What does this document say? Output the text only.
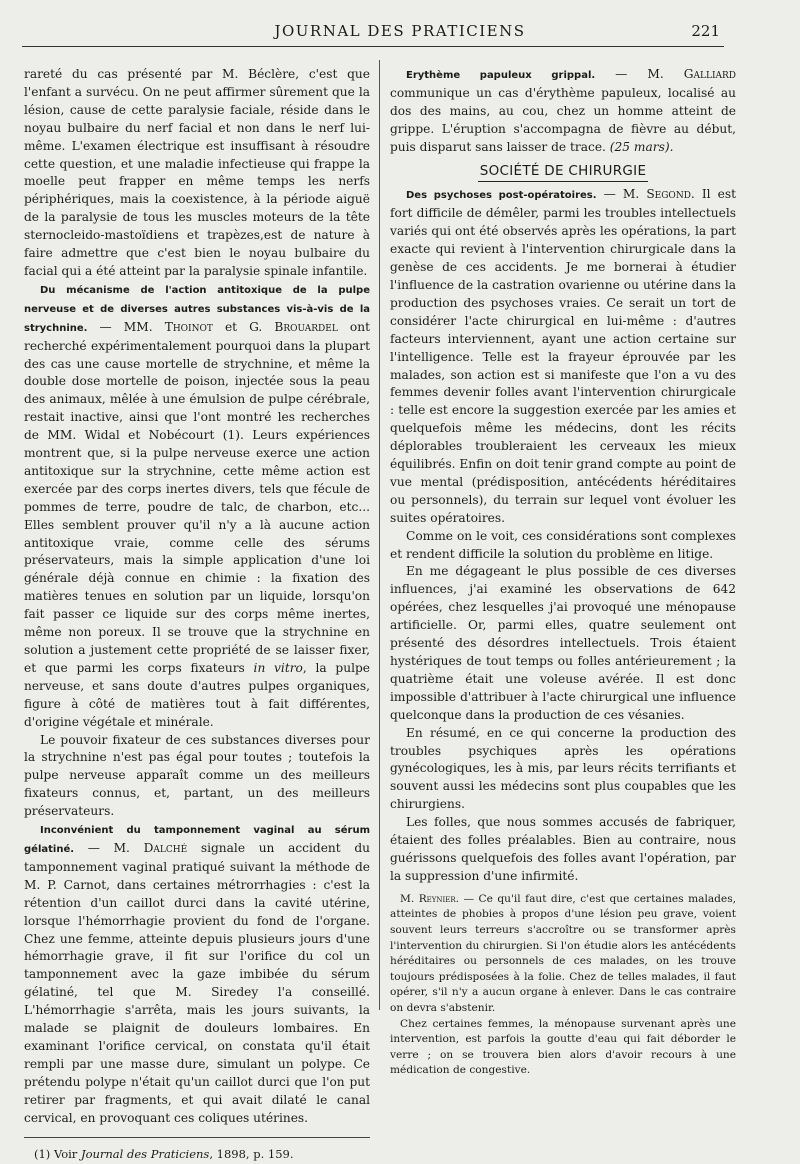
JOURNAL DES PRATICIENS	221

rareté du cas présenté par M. Béclère, c'est que l'enfant a survécu. On ne peut affirmer sûrement que la lésion, cause de cette paralysie faciale, réside dans le noyau bulbaire du nerf facial et non dans le nerf lui-même. L'examen électrique est insuffisant à résoudre cette question, et une maladie infectieuse qui frappe la moelle peut frapper en même temps les nerfs périphériques, mais la coexistence, à la période aiguë de la paralysie de tous les muscles moteurs de la tête sternocleido-mastoïdiens et trapèzes,est de nature à faire admettre que c'est bien le noyau bulbaire du facial qui a été atteint par la paralysie spinale infantile.

Du mécanisme de l'action antitoxique de la pulpe nerveuse et de diverses autres substances vis-à-vis de la strychnine. — MM. Thoinot et G. Brouardel ont recherché expérimentalement pourquoi dans la plupart des cas une cause mortelle de strychnine, et même la double dose mortelle de poison, injectée sous la peau des animaux, mêlée à une émulsion de pulpe cérébrale, restait inactive, ainsi que l'ont montré les recherches de MM. Widal et Nobécourt (1). Leurs expériences montrent que, si la pulpe nerveuse exerce une action antitoxique sur la strychnine, cette même action est exercée par des corps inertes divers, tels que fécule de pommes de terre, poudre de talc, de charbon, etc... Elles semblent prouver qu'il n'y a là aucune action antitoxique vraie, comme celle des sérums préservateurs, mais la simple application d'une loi générale déjà connue en chimie : la fixation des matières tenues en solution par un liquide, lorsqu'on fait passer ce liquide sur des corps même inertes, même non poreux. Il se trouve que la strychnine en solution a justement cette propriété de se laisser fixer, et que parmi les corps fixateurs in vitro, la pulpe nerveuse, et sans doute d'autres pulpes organiques, figure à côté de matières tout à fait différentes, d'origine végétale et minérale.

Le pouvoir fixateur de ces substances diverses pour la strychnine n'est pas égal pour toutes ; toutefois la pulpe nerveuse apparaît comme un des meilleurs fixateurs connus, et, partant, un des meilleurs préservateurs.

Inconvénient du tamponnement vaginal au sérum gélatiné. — M. Dalché signale un accident du tamponnement vaginal pratiqué suivant la méthode de M. P. Carnot, dans certaines métrorrhagies : c'est la rétention d'un caillot durci dans la cavité utérine, lorsque l'hémorrhagie provient du fond de l'organe. Chez une femme, atteinte depuis plusieurs jours d'une hémorrhagie grave, il fit sur l'orifice du col un tamponnement avec la gaze imbibée du sérum gélatiné, tel que M. Siredey l'a conseillé. L'hémorrhagie s'arrêta, mais les jours suivants, la malade se plaignit de douleurs lombaires. En examinant l'orifice cervical, on constata qu'il était rempli par une masse dure, simulant un polype. Ce prétendu polype n'était qu'un caillot durci que l'on put retirer par fragments, et qui avait dilaté le canal cervical, en provoquant ces coliques utérines.

(1) Voir Journal des Praticiens, 1898, p. 159.

Erythème papuleux grippal. — M. Galliard communique un cas d'érythème papuleux, localisé au dos des mains, au cou, chez un homme atteint de grippe. L'éruption s'accompagna de fièvre au début, puis disparut sans laisser de trace. (25 mars).

SOCIÉTÉ DE CHIRURGIE

Des psychoses post-opératoires. — M. Segond. Il est fort difficile de démêler, parmi les troubles intellectuels variés qui ont été observés après les opérations, la part exacte qui revient à l'intervention chirurgicale dans la genèse de ces accidents. Je me bornerai à étudier l'influence de la castration ovarienne ou utérine dans la production des psychoses vraies. Ce serait un tort de considérer l'acte chirurgical en lui-même : d'autres facteurs interviennent, ayant une action certaine sur l'intelligence. Telle est la frayeur éprouvée par les malades, son action est si manifeste que l'on a vu des femmes devenir folles avant l'intervention chirurgicale : telle est encore la suggestion exercée par les amies et quelquefois même les médecins, dont les récits déplorables troubleraient les cerveaux les mieux équilibrés. Enfin on doit tenir grand compte au point de vue mental (prédisposition, antécédents héréditaires ou personnels), du terrain sur lequel vont évoluer les suites opératoires.

Comme on le voit, ces considérations sont complexes et rendent difficile la solution du problème en litige.

En me dégageant le plus possible de ces diverses influences, j'ai examiné les observations de 642 opérées, chez lesquelles j'ai provoqué une ménopause artificielle. Or, parmi elles, quatre seulement ont présenté des désordres intellectuels. Trois étaient hystériques de tout temps ou folles antérieurement ; la quatrième était une voleuse avérée. Il est donc impossible d'attribuer à l'acte chirurgical une influence quelconque dans la production de ces vésanies.

En résumé, en ce qui concerne la production des troubles psychiques après les opérations gynécologiques, les à mis, par leurs récits terrifiants et souvent aussi les médecins sont plus coupables que les chirurgiens.

Les folles, que nous sommes accusés de fabriquer, étaient des folles préalables. Bien au contraire, nous guérissons quelquefois des folles avant l'opération, par la suppression d'une infirmité.

M. Reynier. — Ce qu'il faut dire, c'est que certaines malades, atteintes de phobies à propos d'une lésion peu grave, voient souvent leurs terreurs s'accroître ou se transformer après l'intervention du chirurgien. Si l'on étudie alors les antécédents héréditaires ou personnels de ces malades, on les trouve toujours prédisposées à la folie. Chez de telles malades, il faut opérer, s'il n'y a aucun organe à enlever. Dans le cas contraire on devra s'abstenir.

Chez certaines femmes, la ménopause survenant après une intervention, est parfois la goutte d'eau qui fait déborder le verre ; on se trouvera bien alors d'avoir recours à une médication de congestive.
